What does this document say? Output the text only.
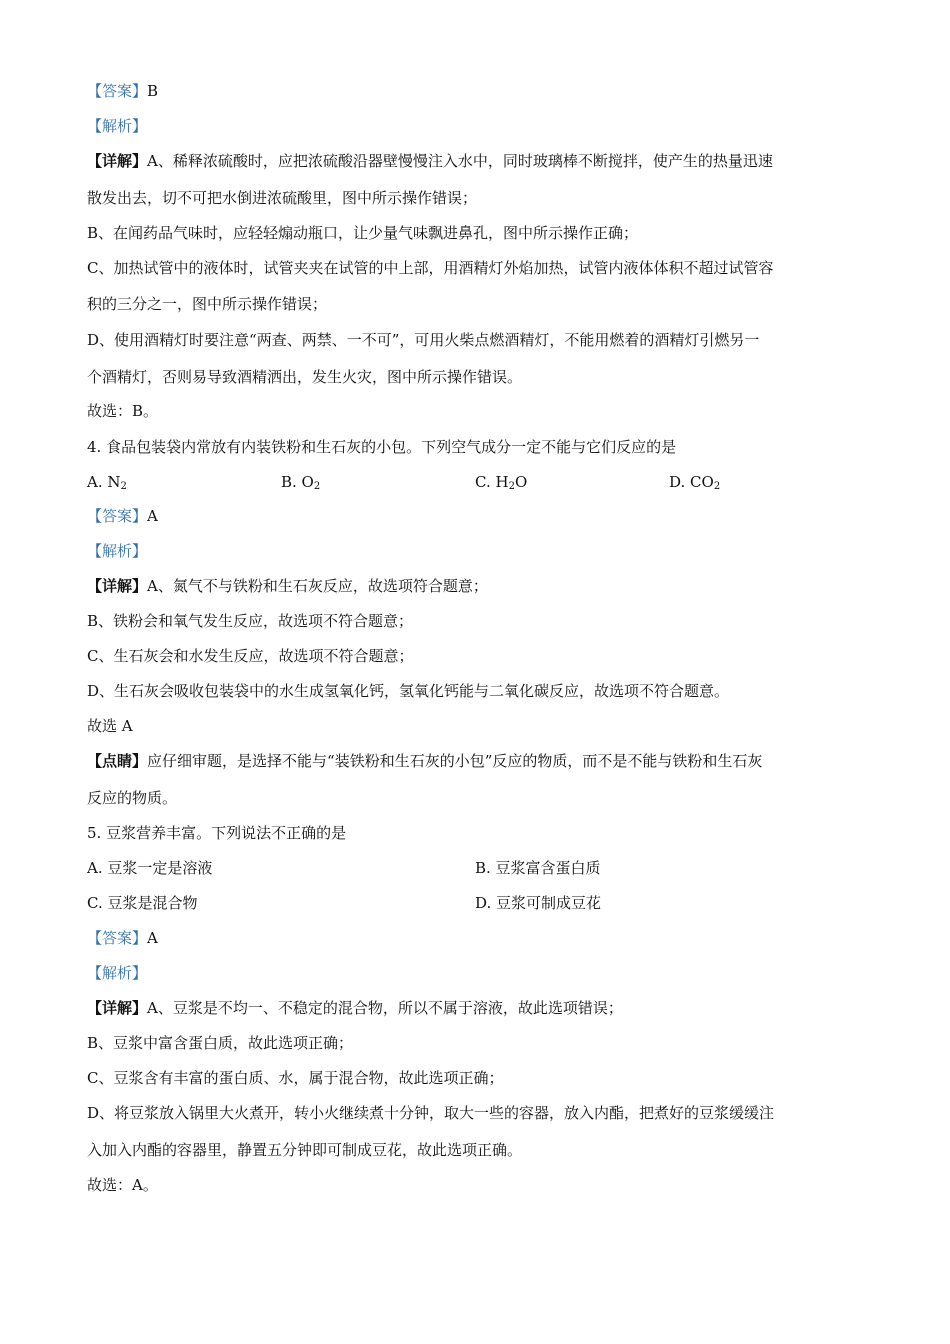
【答案】B
【解析】
【详解】A、稀释浓硫酸时，应把浓硫酸沿器壁慢慢注入水中，同时玻璃棒不断搅拌，使产生的热量迅速
散发出去，切不可把水倒进浓硫酸里，图中所示操作错误；
B、在闻药品气味时，应轻轻煽动瓶口，让少量气味飘进鼻孔，图中所示操作正确；
C、加热试管中的液体时，试管夹夹在试管的中上部，用酒精灯外焰加热，试管内液体体积不超过试管容
积的三分之一，图中所示操作错误；
D、使用酒精灯时要注意“两查、两禁、一不可”，可用火柴点燃酒精灯，不能用燃着的酒精灯引燃另一
个酒精灯，否则易导致酒精洒出，发生火灾，图中所示操作错误。
故选：B。
4. 食品包装袋内常放有内装铁粉和生石灰的小包。下列空气成分一定不能与它们反应的是
A. $N_2$	B. $O_2$	C. $H_2O$	D. $CO_2$
【答案】A
【解析】
【详解】A、氮气不与铁粉和生石灰反应，故选项符合题意；
B、铁粉会和氧气发生反应，故选项不符合题意；
C、生石灰会和水发生反应，故选项不符合题意；
D、生石灰会吸收包装袋中的水生成氢氧化钙，氢氧化钙能与二氧化碳反应，故选项不符合题意。
故选 A
【点睛】应仔细审题，是选择不能与“装铁粉和生石灰的小包”反应的物质，而不是不能与铁粉和生石灰
反应的物质。
5. 豆浆营养丰富。下列说法不正确的是
A. 豆浆一定是溶液	B. 豆浆富含蛋白质
C. 豆浆是混合物	D. 豆浆可制成豆花
【答案】A
【解析】
【详解】A、豆浆是不均一、不稳定的混合物，所以不属于溶液，故此选项错误；
B、豆浆中富含蛋白质，故此选项正确；
C、豆浆含有丰富的蛋白质、水，属于混合物，故此选项正确；
D、将豆浆放入锅里大火煮开，转小火继续煮十分钟，取大一些的容器，放入内酯，把煮好的豆浆缓缓注
入加入内酯的容器里，静置五分钟即可制成豆花，故此选项正确。
故选：A。
